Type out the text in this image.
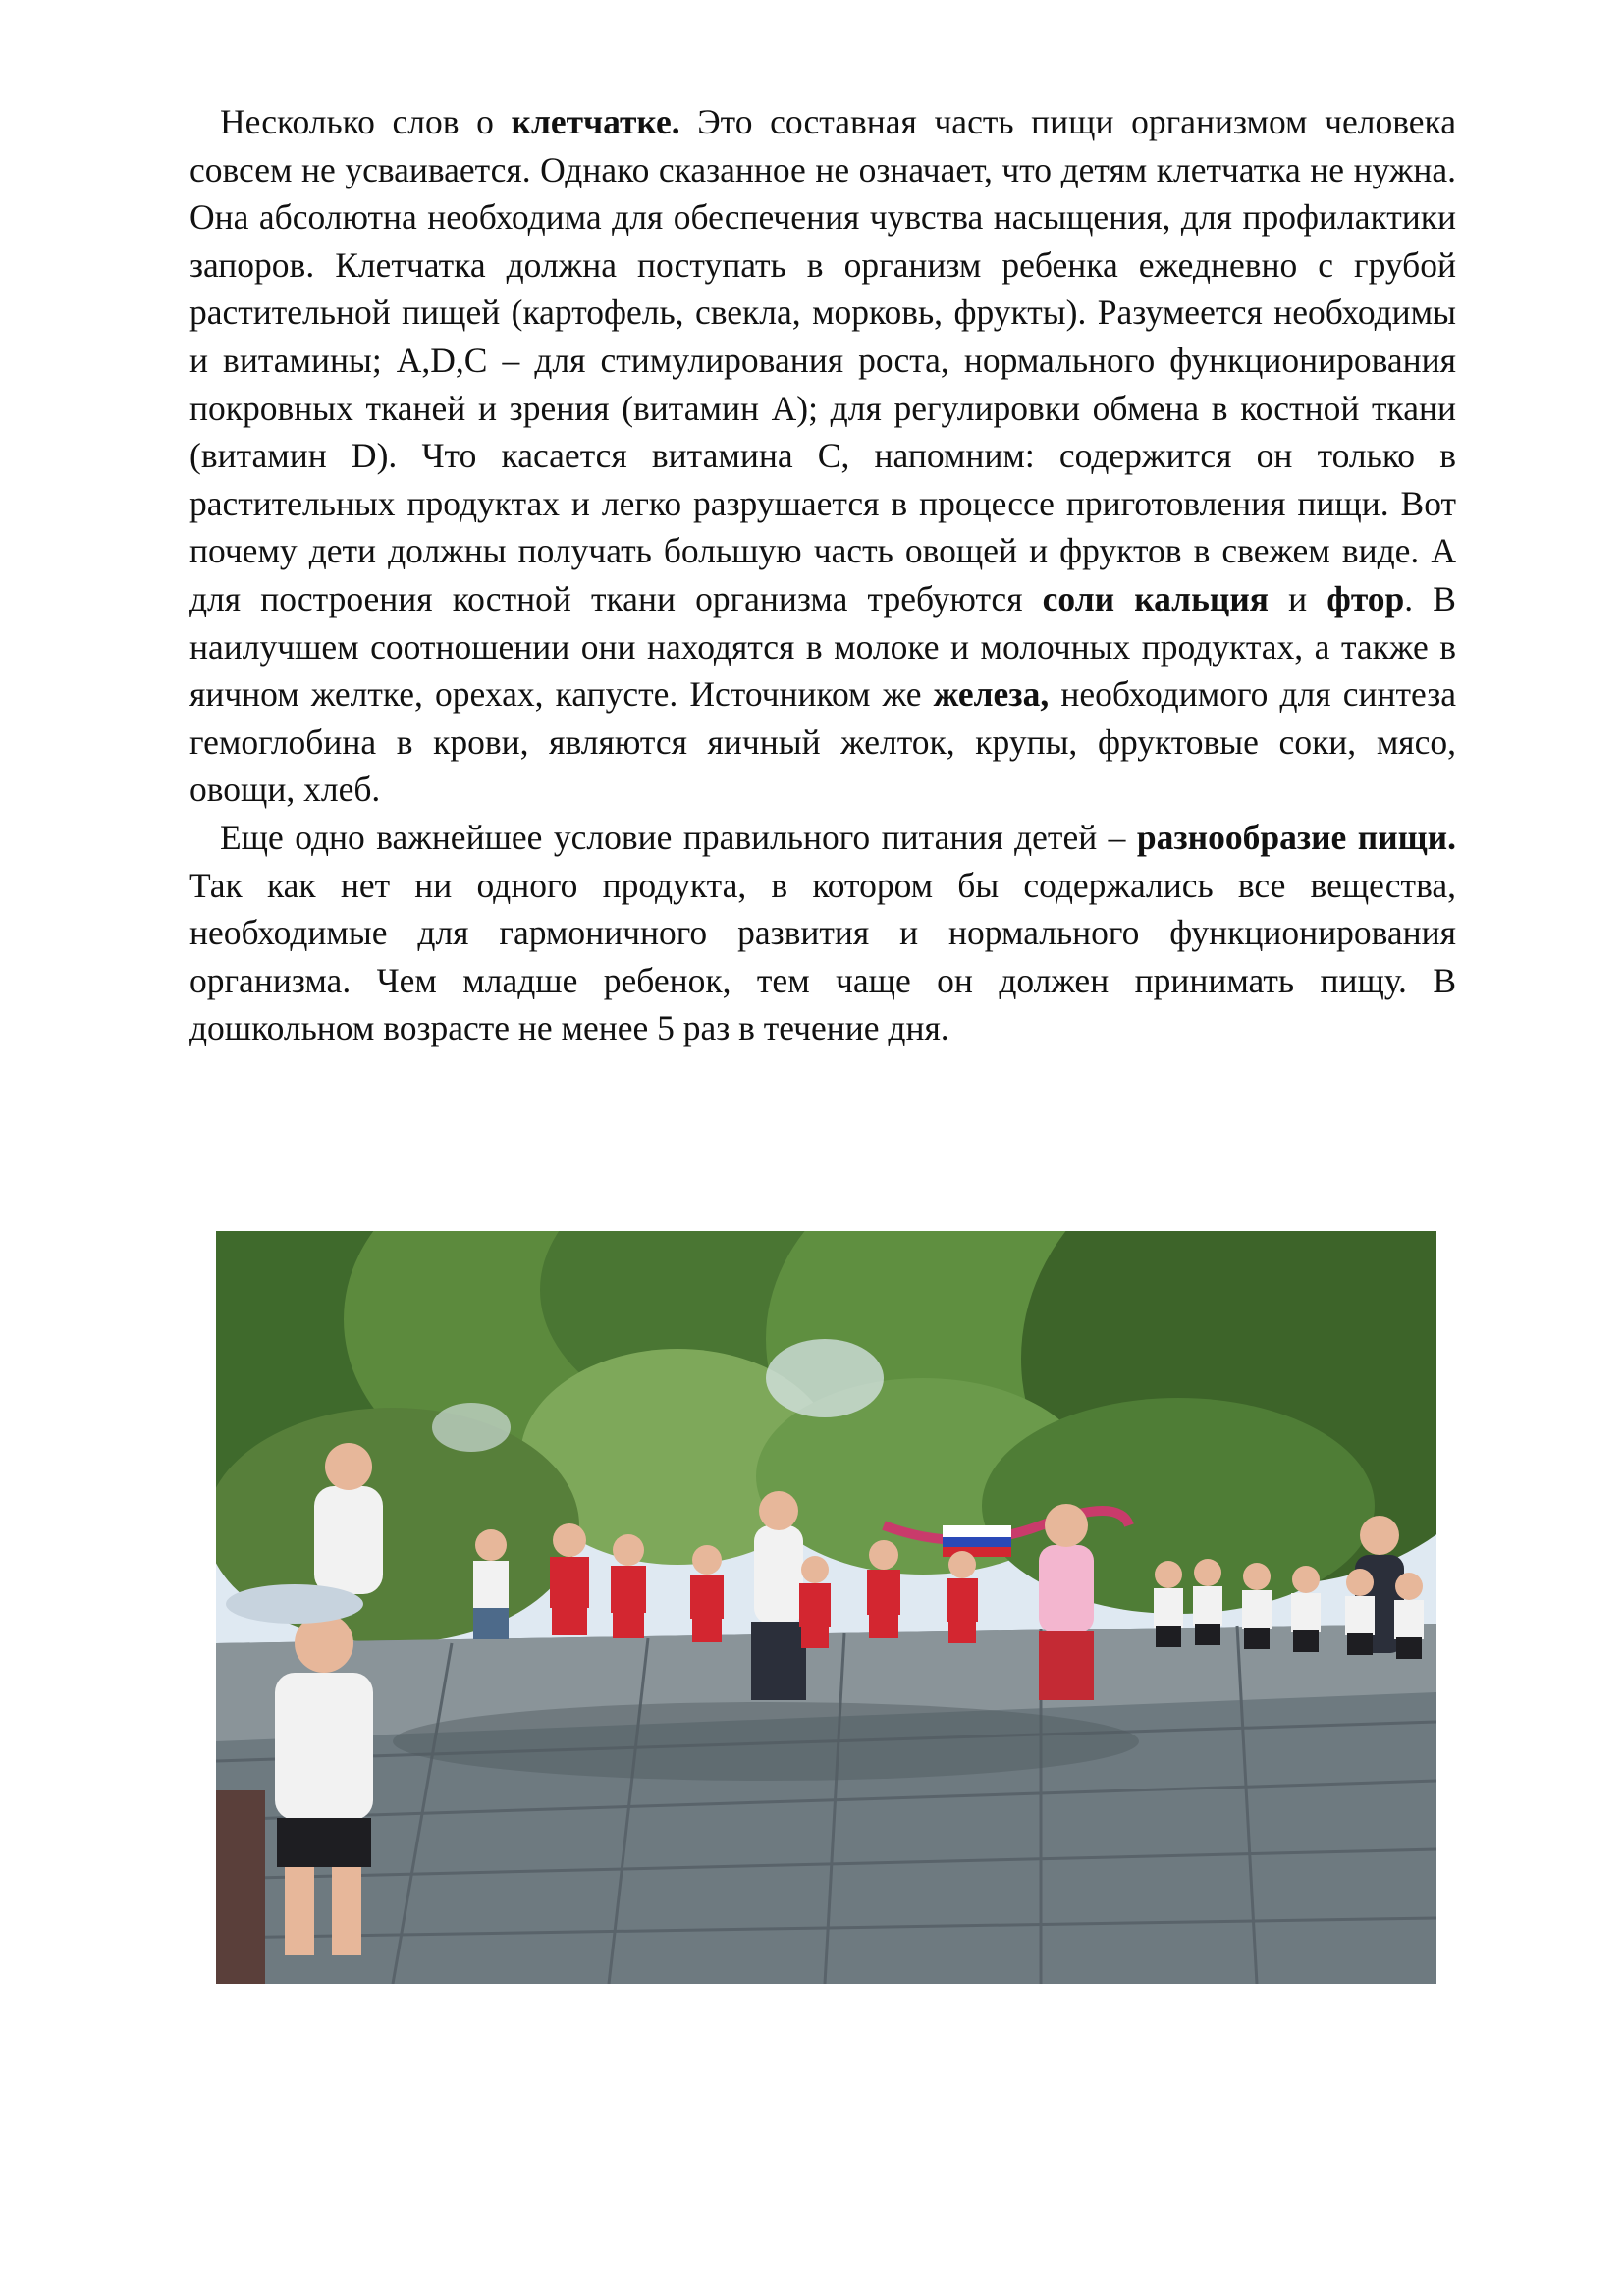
Несколько слов о клетчатке. Это составная часть пищи организмом человека совсем не усваивается. Однако сказанное не означает, что детям клетчатка не нужна. Она абсолютна необходима для обеспечения чувства насыщения, для профилактики запоров. Клетчатка должна поступать в организм ребенка ежедневно с грубой растительной пищей (картофель, свекла, морковь, фрукты). Разумеется необходимы и витамины; A,D,C – для стимулирования роста, нормального функционирования покровных тканей и зрения (витамин A); для регулировки обмена в костной ткани (витамин D). Что касается витамина С, напомним: содержится он только в растительных продуктах и легко разрушается в процессе приготовления пищи. Вот почему дети должны получать большую часть овощей и фруктов в свежем виде. А для построения костной ткани организма требуются соли кальция и фтор. В наилучшем соотношении они находятся в молоке и молочных продуктах, а также в яичном желтке, орехах, капусте. Источником же железа, необходимого для синтеза гемоглобина в крови, являются яичный желток, крупы, фруктовые соки, мясо, овощи, хлеб.

Еще одно важнейшее условие правильного питания детей – разнообразие пищи. Так как нет ни одного продукта, в котором бы содержались все вещества, необходимые для гармоничного развития и нормального функционирования организма. Чем младше ребенок, тем чаще он должен принимать пищу. В дошкольном возрасте не менее 5 раз в течение дня.
